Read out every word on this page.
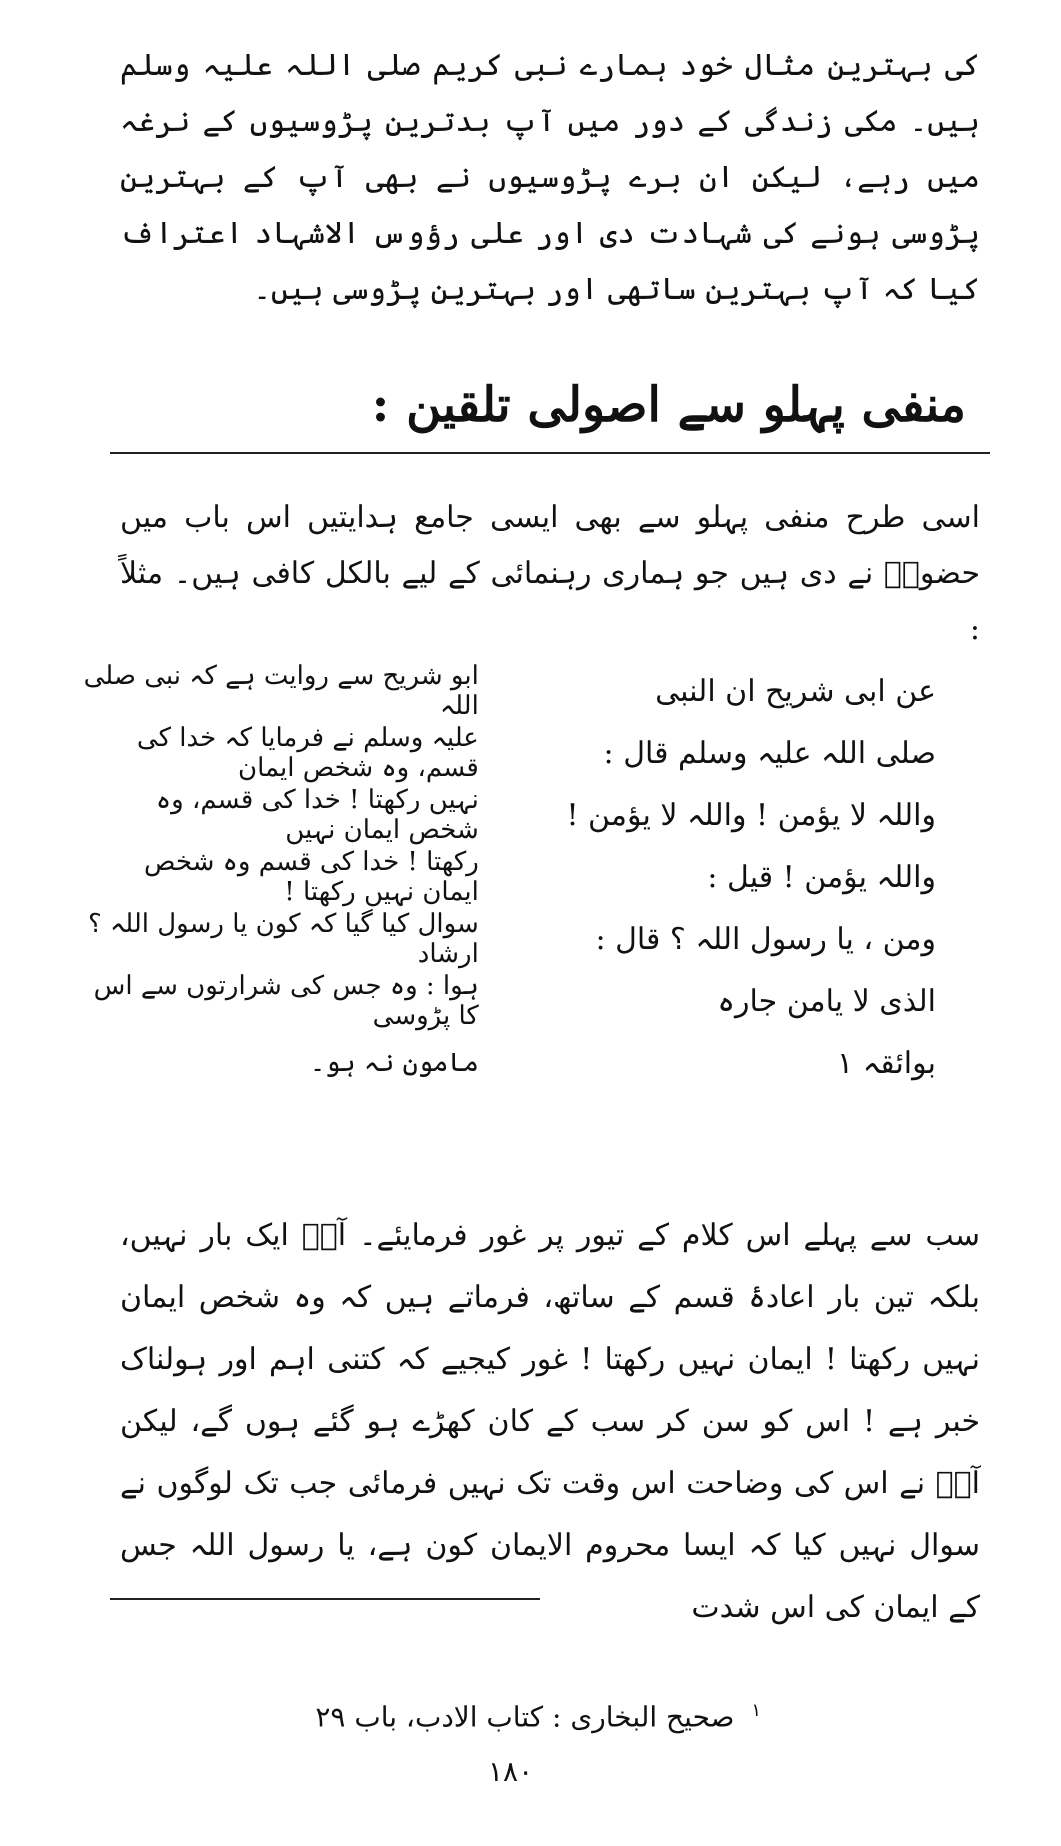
کی بہترین مثال خود ہمارے نبی کریم صلی اللہ علیہ وسلم ہیں۔ مکی زندگی کے دور میں آپ بدترین پڑوسیوں کے نرغہ میں رہے، لیکن ان برے پڑوسیوں نے بھی آپ کے بہترین پڑوسی ہونے کی شہادت دی اور علی رؤوس الاشہاد اعتراف کیا کہ آپ بہترین ساتھی اور بہترین پڑوسی ہیں۔

منفی پہلو سے اصولی تلقین :

اسی طرح منفی پہلو سے بھی ایسی جامع ہدایتیں اس باب میں حضورؐ نے دی ہیں جو ہماری رہنمائی کے لیے بالکل کافی ہیں۔ مثلاً :

عن ابی شریح ان النبی	ابو شریح سے روایت ہے کہ نبی صلی اللہ
صلی اللہ علیہ وسلم قال :	علیہ وسلم نے فرمایا کہ خدا کی قسم، وہ شخص ایمان
واللہ لا یؤمن ! واللہ لا یؤمن !	نہیں رکھتا ! خدا کی قسم، وہ شخص ایمان نہیں
واللہ یؤمن ! قیل :	رکھتا ! خدا کی قسم وہ شخص ایمان نہیں رکھتا !
ومن ، یا رسول اللہ ؟ قال :	سوال کیا گیا کہ کون یا رسول اللہ ؟ ارشاد
الذی لا یامن جارہ	ہوا : وہ جس کی شرارتوں سے اس کا پڑوسی
بوائقہ ۱	مامون نہ ہو۔

سب سے پہلے اس کلام کے تیور پر غور فرمایئے۔ آپؐ ایک بار نہیں، بلکہ تین بار اعادۂ قسم کے ساتھ، فرماتے ہیں کہ وہ شخص ایمان نہیں رکھتا ! ایمان نہیں رکھتا ! غور کیجیے کہ کتنی اہم اور ہولناک خبر ہے ! اس کو سن کر سب کے کان کھڑے ہو گئے ہوں گے، لیکن آپؐ نے اس کی وضاحت اس وقت تک نہیں فرمائی جب تک لوگوں نے سوال نہیں کیا کہ ایسا محروم الایمان کون ہے، یا رسول اللہ جس کے ایمان کی اس شدت

$^۱$ صحیح البخاری : کتاب الادب، باب ۲۹

۱۸۰
